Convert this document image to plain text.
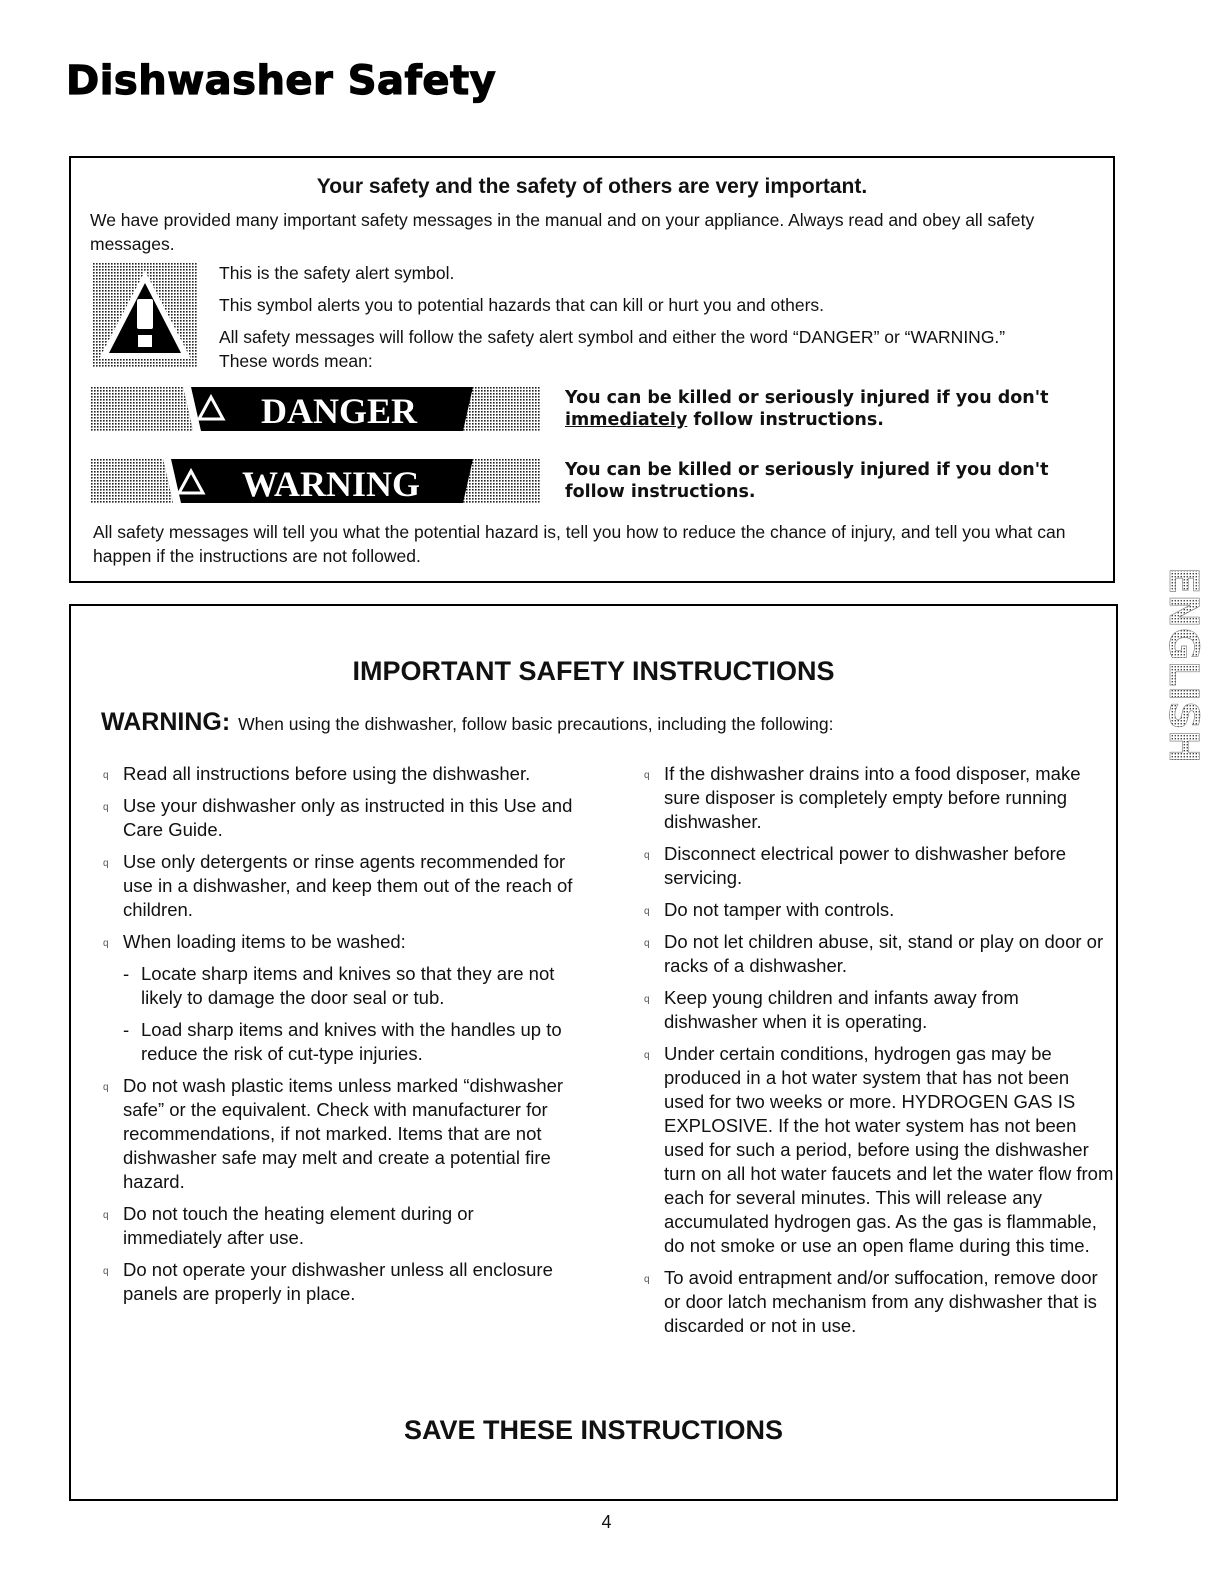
Dishwasher Safety
Your safety and the safety of others are very important.
We have provided many important safety messages in the manual and on your appliance. Always read and obey all safety messages.
This is the safety alert symbol.
This symbol alerts you to potential hazards that can kill or hurt you and others.
All safety messages will follow the safety alert symbol and either the word “DANGER” or “WARNING.” These words mean:
DANGER	You can be killed or seriously injured if you don't immediately follow instructions.
WARNING	You can be killed or seriously injured if you don't follow instructions.
All safety messages will tell you what the potential hazard is, tell you how to reduce the chance of injury, and tell you what can happen if the instructions are not followed.
IMPORTANT SAFETY INSTRUCTIONS
WARNING: When using the dishwasher, follow basic precautions, including the following:
q Read all instructions before using the dishwasher.
q Use your dishwasher only as instructed in this Use and Care Guide.
q Use only detergents or rinse agents recommended for use in a dishwasher, and keep them out of the reach of children.
q When loading items to be washed:
- Locate sharp items and knives so that they are not likely to damage the door seal or tub.
- Load sharp items and knives with the handles up to reduce the risk of cut-type injuries.
q Do not wash plastic items unless marked “dishwasher safe” or the equivalent. Check with manufacturer for recommendations, if not marked. Items that are not dishwasher safe may melt and create a potential fire hazard.
q Do not touch the heating element during or immediately after use.
q Do not operate your dishwasher unless all enclosure panels are properly in place.
q If the dishwasher drains into a food disposer, make sure disposer is completely empty before running dishwasher.
q Disconnect electrical power to dishwasher before servicing.
q Do not tamper with controls.
q Do not let children abuse, sit, stand or play on door or racks of a dishwasher.
q Keep young children and infants away from dishwasher when it is operating.
q Under certain conditions, hydrogen gas may be produced in a hot water system that has not been used for two weeks or more. HYDROGEN GAS IS EXPLOSIVE. If the hot water system has not been used for such a period, before using the dishwasher turn on all hot water faucets and let the water flow from each for several minutes. This will release any accumulated hydrogen gas. As the gas is flammable, do not smoke or use an open flame during this time.
q To avoid entrapment and/or suffocation, remove door or door latch mechanism from any dishwasher that is discarded or not in use.
SAVE THESE INSTRUCTIONS
ENGLISH
4
